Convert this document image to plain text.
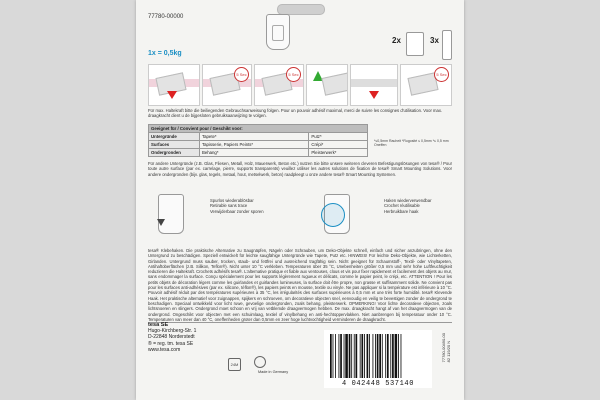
77780-00000
2x	3x
1x = 0,5kg
5 Sec	5 Sec	5 Sec
Für max. Haltekraft bitte die beiliegenden Gebrauchsanweisung folgen. Pour un pouvoir adhésif maximal, merci de suivre les consignes d'utilisation. Voor max. draagkracht dient u de bijgesloten gebruiksaanwijzing te volgen.
Geeignet für / Convient pour / Geschikt voor:		
Untergründe	Tapete*	Putz*
Surfaces	Tapisserie, Papiers Peints*	Crépi*
Ondergronden	Behang*	Pleisterwerk*
*≤0,5mm Rauheit *Rugosité ≤ 0,5mm *≤ 0,5 mm Oneffen
Für andere Untergründe (z.B. Glas, Fliesen, Metall, Holz, Mauerwerk, Beton etc.) nutzen Sie bitte unsere weiteren cleveren Befestigungslösungen von tesa® / Pour toute autre surface (par ex. carrelage, pierre, supports transparents) veuillez utiliser les autres solutions de fixation de tesa® Smart Mounting Solutions. Voor andere ondergronden (bijv. glas, tegels, metaal, hout, metselwerk, beton) raadpleegt u onze andere tesa® Smart Mounting Systemen.
Spurlos wiederablösbar
Retirable sans trace
Verwijderbaar zonder sporen
Haken wiederverwendbar
Crochet réutilisable
Herbruikbare haak
tesa® Klebehaken. Die praktische Alternative zu Saugnäpfen, Nägeln oder Schrauben, um Deko-Objekte schnell, einfach und sicher anzubringen, ohne den Untergrund zu beschädigen. Speziell entwickelt für leichte saugfähige Untergründe wie Tapete, Putz etc. HINWEIS! Für leichte Deko-Objekte, wie Lichterketten, Girlanden. Untergrund muss sauber, trocken, staub- und fettfrei und ausreichend tragfähig sein. Nicht geeignet für Schaumstoff-, Textil- oder Vinyltapeten, Antihaftoberflächen (z.B. Silikon, Teflon®). Nicht unter 10 °C verkleben. Temperaturen über 35 °C, Unebenheiten größer 0,5 mm und sehr hohe Luftfeuchtigkeit reduzieren die Haltekraft. Crochets adhésifs tesa®. L'alternative pratique et fiable aux ventouses, clous et vis pour fixer rapidement et facilement des objets au mur, sans endommager la surface. Conçu spécialement pour les supports légèrement rugueux et délicats, comme le papier peint, le crépi, etc. ATTENTION ! Pour les petits objets de décoration légers comme les guirlandes et guirlandes lumineuses, la surface doit être propre, non grasse et suffisamment solide. Ne convient pas pour les surfaces anti-adhésives (par ex. silicone, téflon®), les papiers peints en mousse, textile ou vinyle. Ne pas appliquer si la température est inférieure à 10 °C. Pouvoir adhésif réduit par des températures supérieures à 35 °C, les irrégularités des surfaces supérieures à 0,5 mm et une très forte humidité. tesa® Klevende Haak. Het praktische alternatief voor zuignappen, spijkers en schroeven, om decoratieve objecten snel, eenvoudig en veilig te bevestigen zonder de ondergrond te beschadigen. Speciaal ontwikkeld voor licht ruwe, gevoelige ondergronden, zoals behang, pleisterwerk. OPMERKING! Voor lichte decoratieve objecten, zoals lichtsnoeren en slingers. Ondergrond moet schoon en vrij van vetblemde draagvermogen hebben. De max. draagkracht hangt af van het draagvermogen van de ondergrond. Ongeschikt voor objecten met een schuimlaag, textiel of vinylbehang en anti-hechtoppervlakken. Niet aanbrengen bij temperatuur onder 10 °C. Temperaturen van meer dan 40 °C, oneffenheden groter dan 0,5mm en zeer hoge luchtvochtigheid verminderen de draagkracht.
tesa SE
Hugo-Kirchberg-Str. 1
D-22848 Norderstedt
® = reg. tm. tesa SE
www.tesa.com
24M
Made in Germany
4 042448 537140
77780-00490-00 82 119/20 N
